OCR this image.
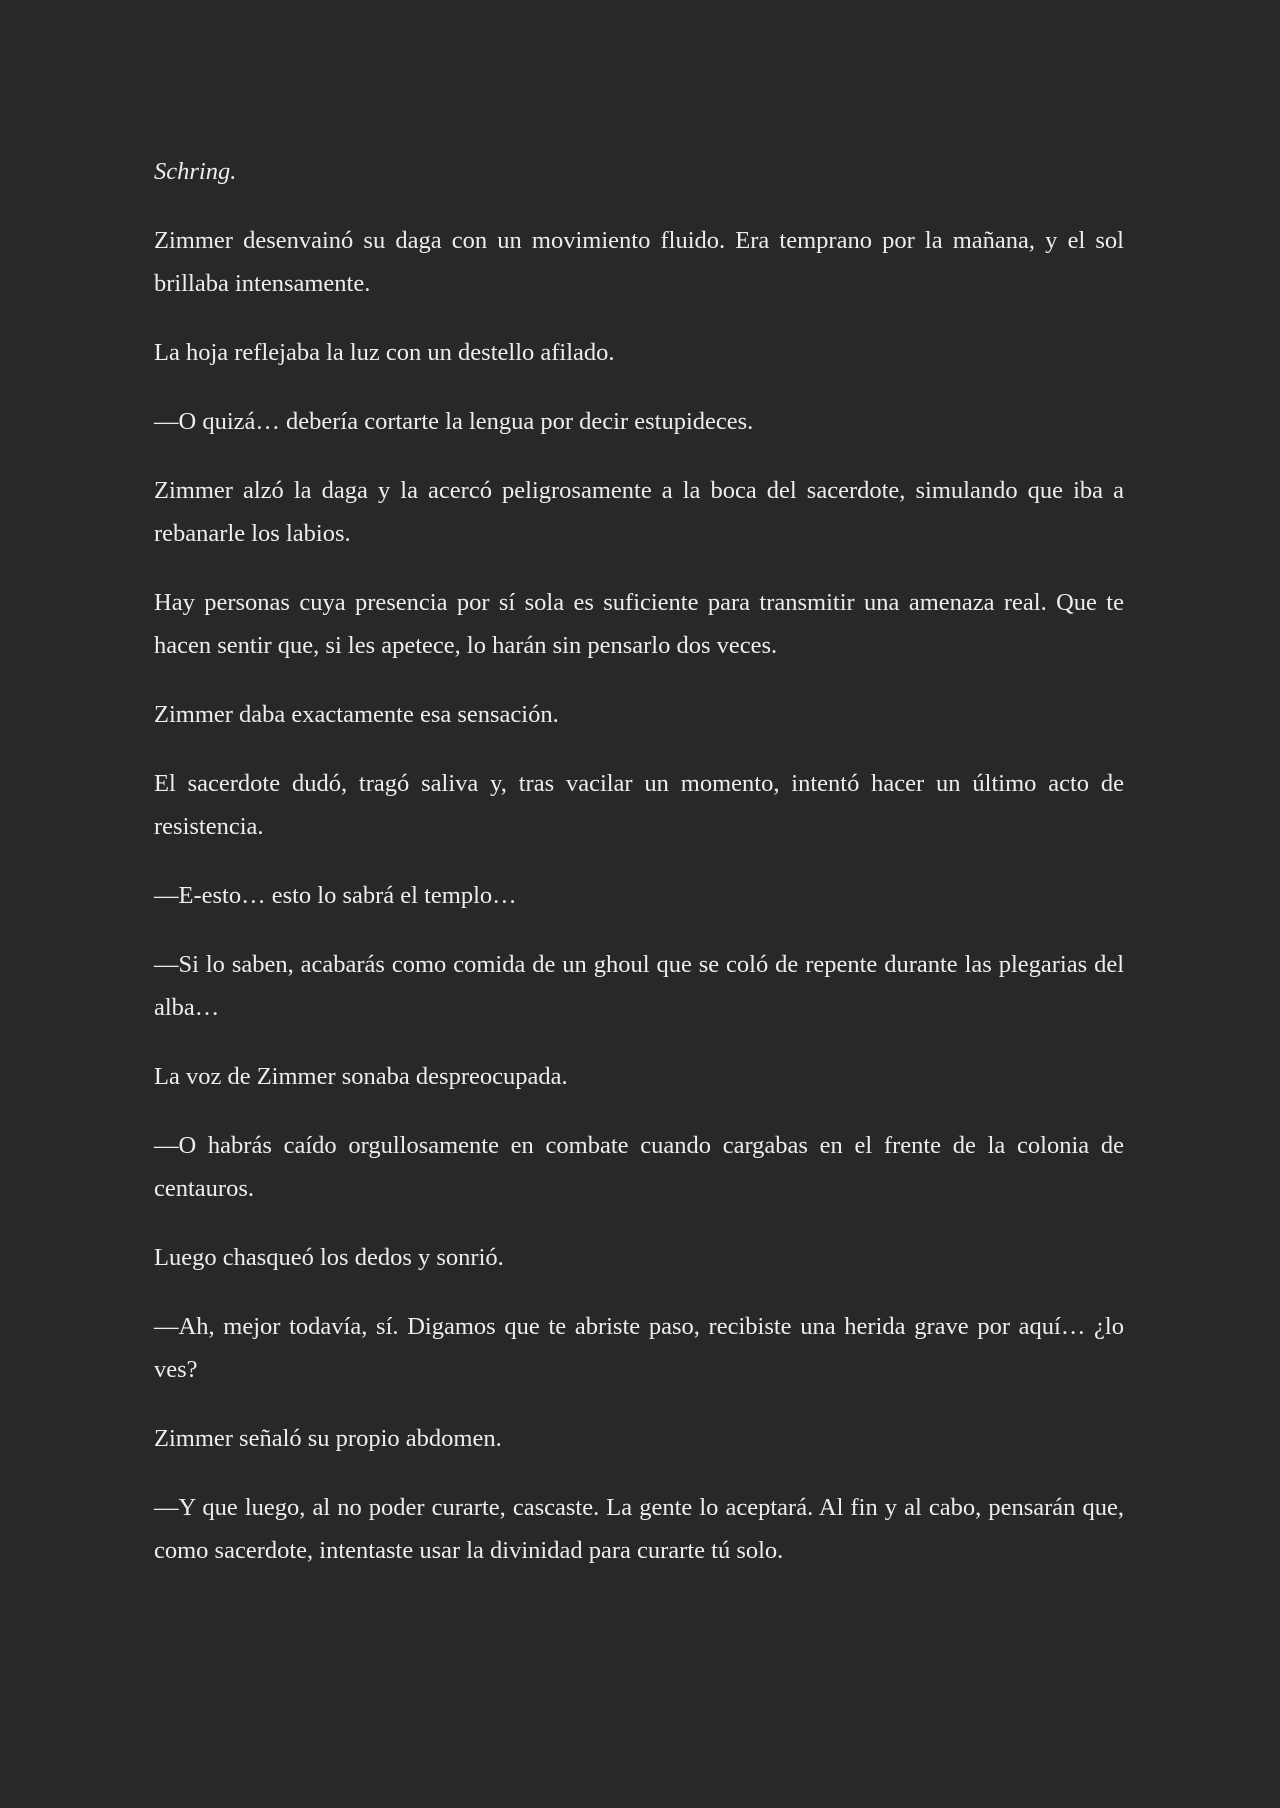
Schring.

Zimmer desenvainó su daga con un movimiento fluido. Era temprano por la mañana, y el sol brillaba intensamente.

La hoja reflejaba la luz con un destello afilado.

—O quizá… debería cortarte la lengua por decir estupideces.

Zimmer alzó la daga y la acercó peligrosamente a la boca del sacerdote, simulando que iba a rebanarle los labios.

Hay personas cuya presencia por sí sola es suficiente para transmitir una amenaza real. Que te hacen sentir que, si les apetece, lo harán sin pensarlo dos veces.

Zimmer daba exactamente esa sensación.

El sacerdote dudó, tragó saliva y, tras vacilar un momento, intentó hacer un último acto de resistencia.

—E-esto… esto lo sabrá el templo…

—Si lo saben, acabarás como comida de un ghoul que se coló de repente durante las plegarias del alba…

La voz de Zimmer sonaba despreocupada.

—O habrás caído orgullosamente en combate cuando cargabas en el frente de la colonia de centauros.

Luego chasqueó los dedos y sonrió.

—Ah, mejor todavía, sí. Digamos que te abriste paso, recibiste una herida grave por aquí… ¿lo ves?

Zimmer señaló su propio abdomen.

—Y que luego, al no poder curarte, cascaste. La gente lo aceptará. Al fin y al cabo, pensarán que, como sacerdote, intentaste usar la divinidad para curarte tú solo.
